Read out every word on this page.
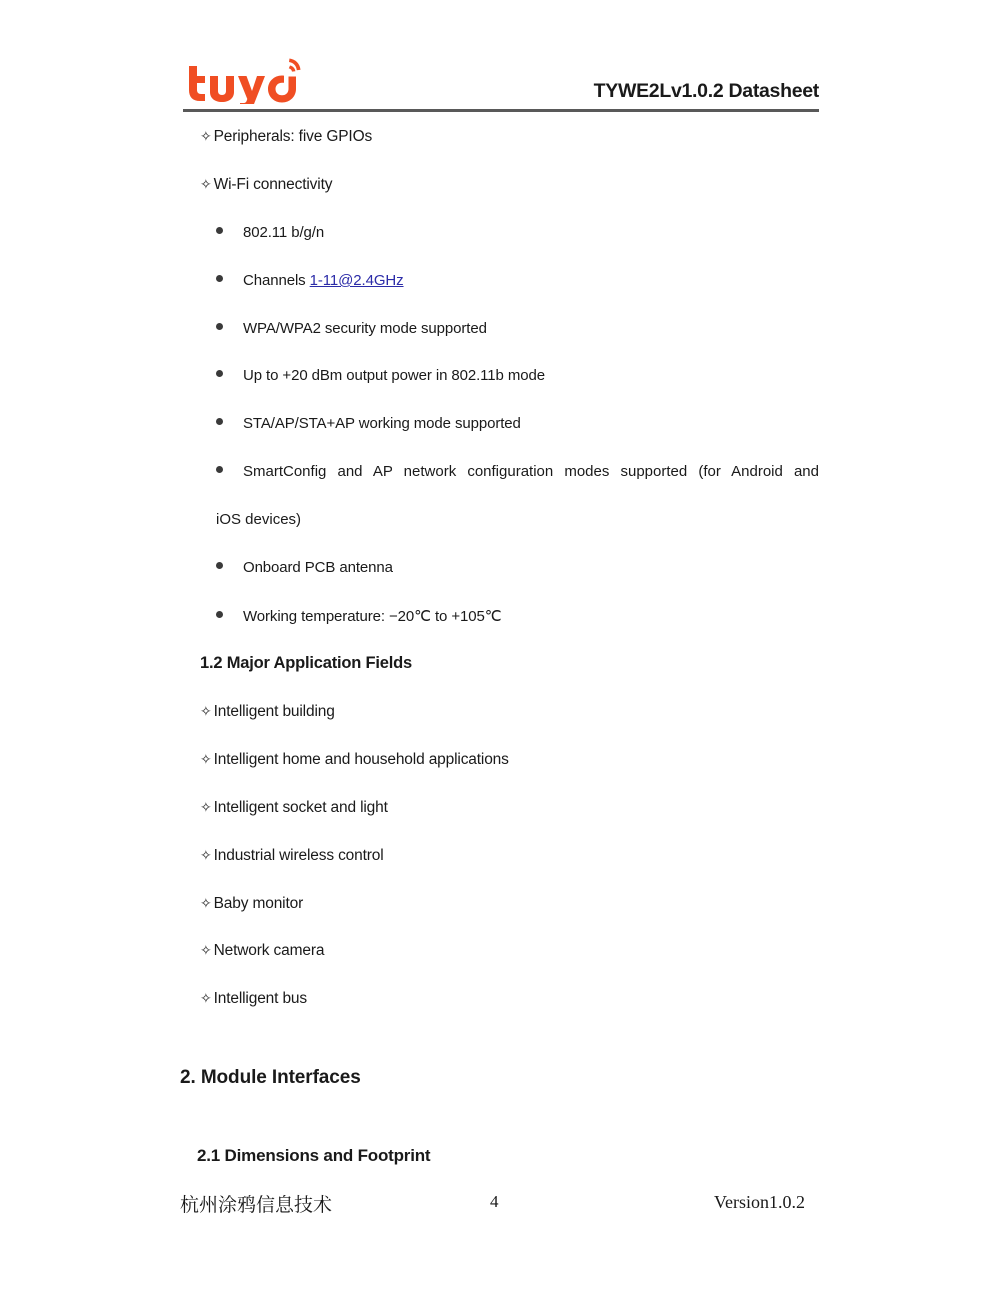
TYWE2Lv1.0.2 Datasheet
✧ Peripherals: five GPIOs
✧ Wi-Fi connectivity
802.11 b/g/n
Channels 1-11@2.4GHz
WPA/WPA2 security mode supported
Up to +20 dBm output power in 802.11b mode
STA/AP/STA+AP working mode supported
SmartConfig and AP network configuration modes supported (for Android and
iOS devices)
Onboard PCB antenna
Working temperature: −20℃ to +105℃
1.2 Major Application Fields
✧ Intelligent building
✧ Intelligent home and household applications
✧ Intelligent socket and light
✧ Industrial wireless control
✧ Baby monitor
✧ Network camera
✧ Intelligent bus
2. Module Interfaces
2.1 Dimensions and Footprint
杭州涂鸦信息技术	4	Version1.0.2
